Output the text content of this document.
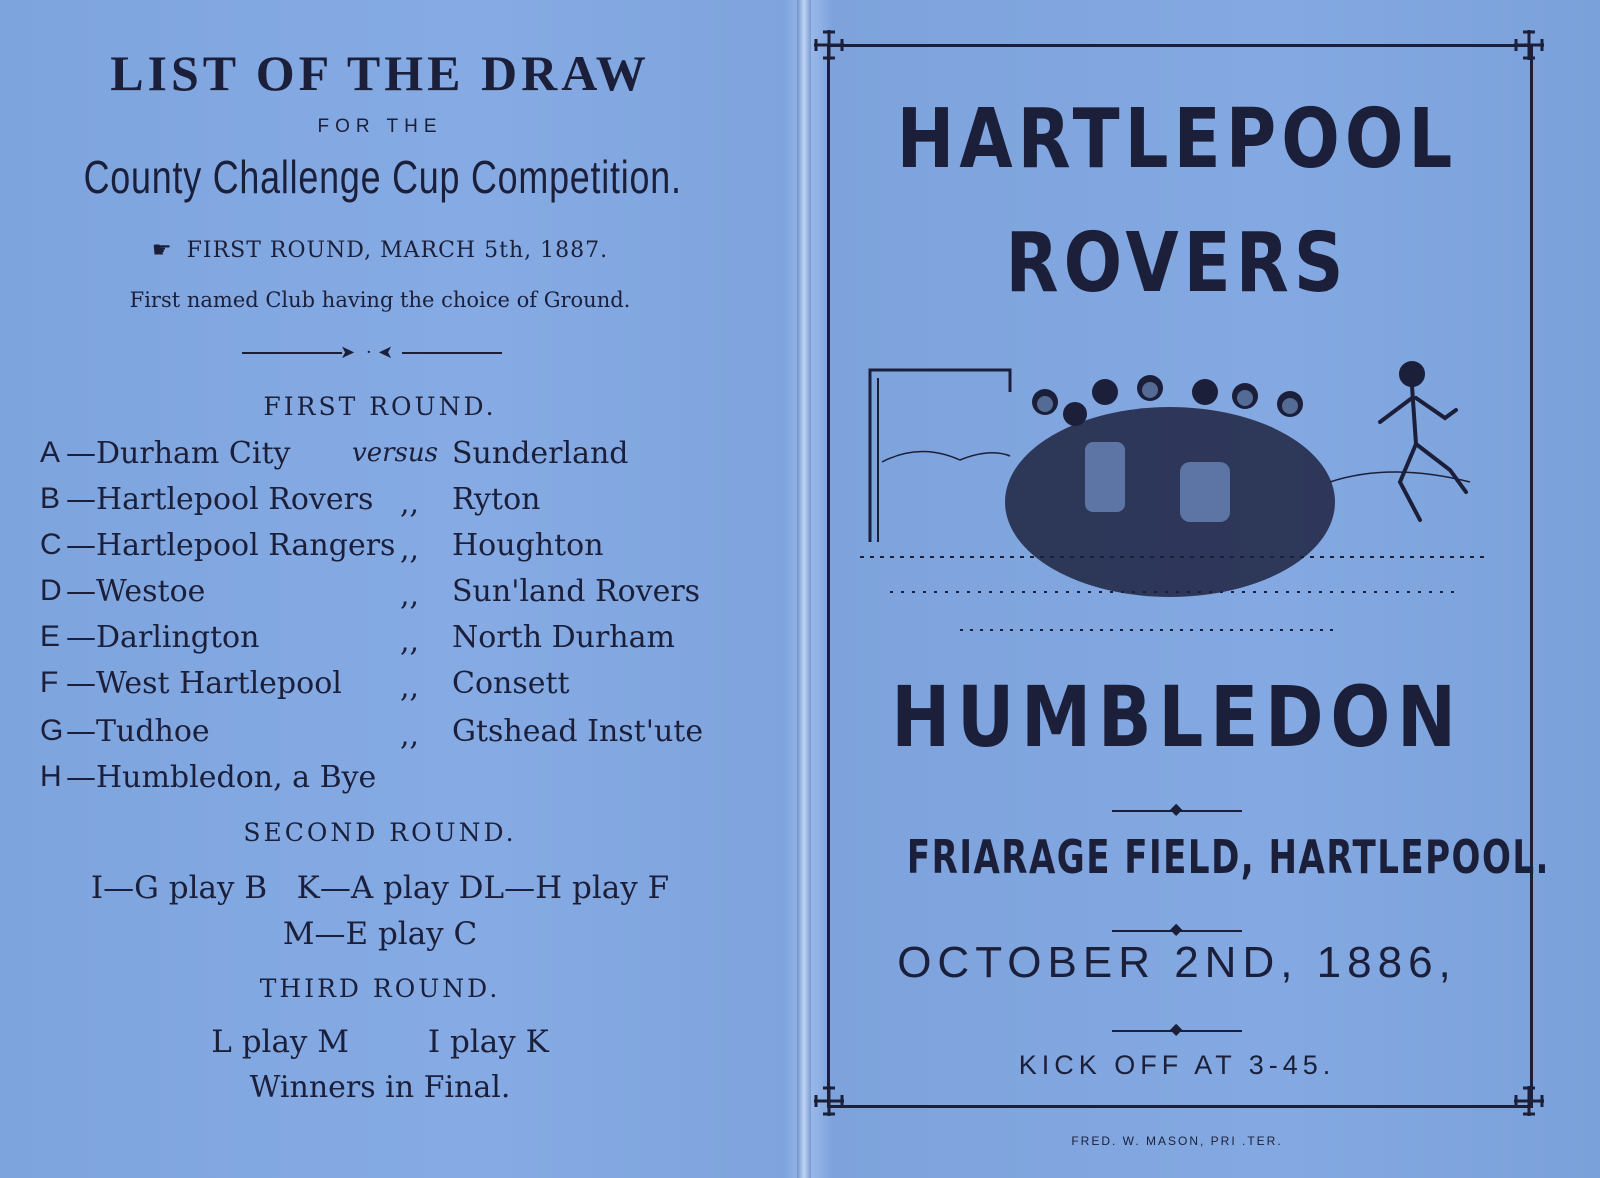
LIST OF THE DRAW
FOR THE
County Challenge Cup Competition.
☛ FIRST ROUND, MARCH 5th, 1887.
First named Club having the choice of Ground.
➤ · ➤
FIRST ROUND.
A —Durham City versus Sunderland
B —Hartlepool Rovers ,, Ryton
C —Hartlepool Rangers ,, Houghton
D —Westoe	,, Sun'land Rovers
E —Darlington	,, North Durham
F —West Hartlepool ,, Consett
G —Tudhoe	,, Gtshead Inst'ute
H —Humbledon, a Bye
SECOND ROUND.
I—G play B   K—A play DL—H play F
M—E play C
THIRD ROUND.
L play M        I play K
Winners in Final.
HARTLEPOOL
ROVERS
HUMBLEDON
◆
FRIARAGE FIELD, HARTLEPOOL.
◆
OCTOBER 2ND, 1886,
◆
KICK OFF AT 3-45.
FRED. W. MASON, PRI .TER.
